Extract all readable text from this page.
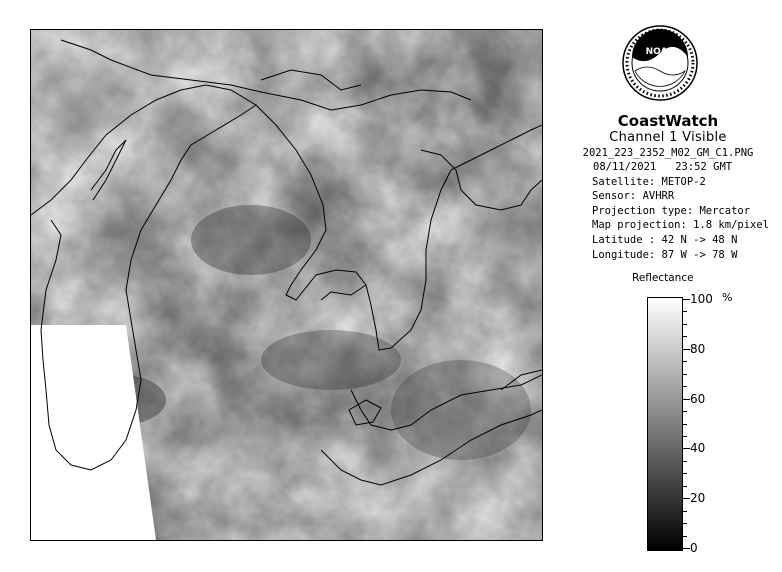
NOAA
CoastWatch
Channel 1 Visible
2021_223_2352_M02_GM_C1.PNG
08/11/2021 23:52 GMT
Satellite: METOP-2
Sensor: AVHRR
Projection type: Mercator
Map projection: 1.8 km/pixel
Latitude : 42 N -> 48 N
Longitude: 87 W -> 78 W
Reflectance
%
100
80
60
40
20
0
